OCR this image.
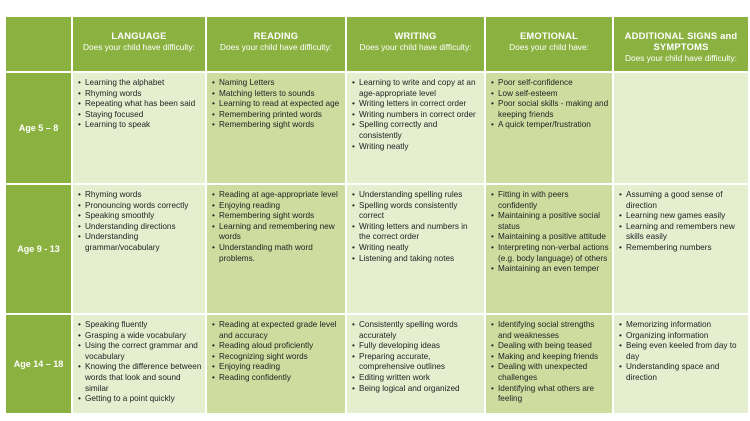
LANGUAGE
Does your child have difficulty:
READING
Does your child have difficulty:
WRITING
Does your child have difficulty:
EMOTIONAL
Does your child have:
ADDITIONAL SIGNS and SYMPTOMS
Does your child have difficulty:
Age 5 – 8
• Learning the alphabet
• Rhyming words
• Repeating what has been said
• Staying focused
• Learning to speak
• Naming Letters
• Matching letters to sounds
• Learning to read at expected age
• Remembering printed words
• Remembering sight words
• Learning to write and copy at an age-appropriate level
• Writing letters in correct order
• Writing numbers in correct order
• Spelling correctly and consistently
• Writing neatly
• Poor self-confidence
• Low self-esteem
• Poor social skills - making and keeping friends
• A quick temper/frustration
Age 9 - 13
• Rhyming words
• Pronouncing words correctly
• Speaking smoothly
• Understanding directions
• Understanding grammar/vocabulary
• Reading at age-appropriate level
• Enjoying reading
• Remembering sight words
• Learning and remembering new words
• Understanding math word problems.
• Understanding spelling rules
• Spelling words consistently correct
• Writing letters and numbers in the correct order
• Writing neatly
• Listening and taking notes
• Fitting in with peers confidently
• Maintaining a positive social status
• Maintaining a positive attitude
• Interpreting non-verbal actions (e.g. body language) of others
• Maintaining an even temper
• Assuming a good sense of direction
• Learning new games easily
• Learning and remembers new skills easily
• Remembering numbers
Age 14 – 18
• Speaking fluently
• Grasping a wide vocabulary
• Using the correct grammar and vocabulary
• Knowing the difference between words that look and sound similar
• Getting to a point quickly
• Reading at expected grade level and accuracy
• Reading aloud proficiently
• Recognizing sight words
• Enjoying reading
• Reading confidently
• Consistently spelling words accurately
• Fully developing ideas
• Preparing accurate, comprehensive outlines
• Editing written work
• Being logical and organized
• Identifying social strengths and weaknesses
• Dealing with being teased
• Making and keeping friends
• Dealing with unexpected challenges
• Identifying what others are feeling
• Memorizing information
• Organizing information
• Being even keeled from day to day
• Understanding space and direction
